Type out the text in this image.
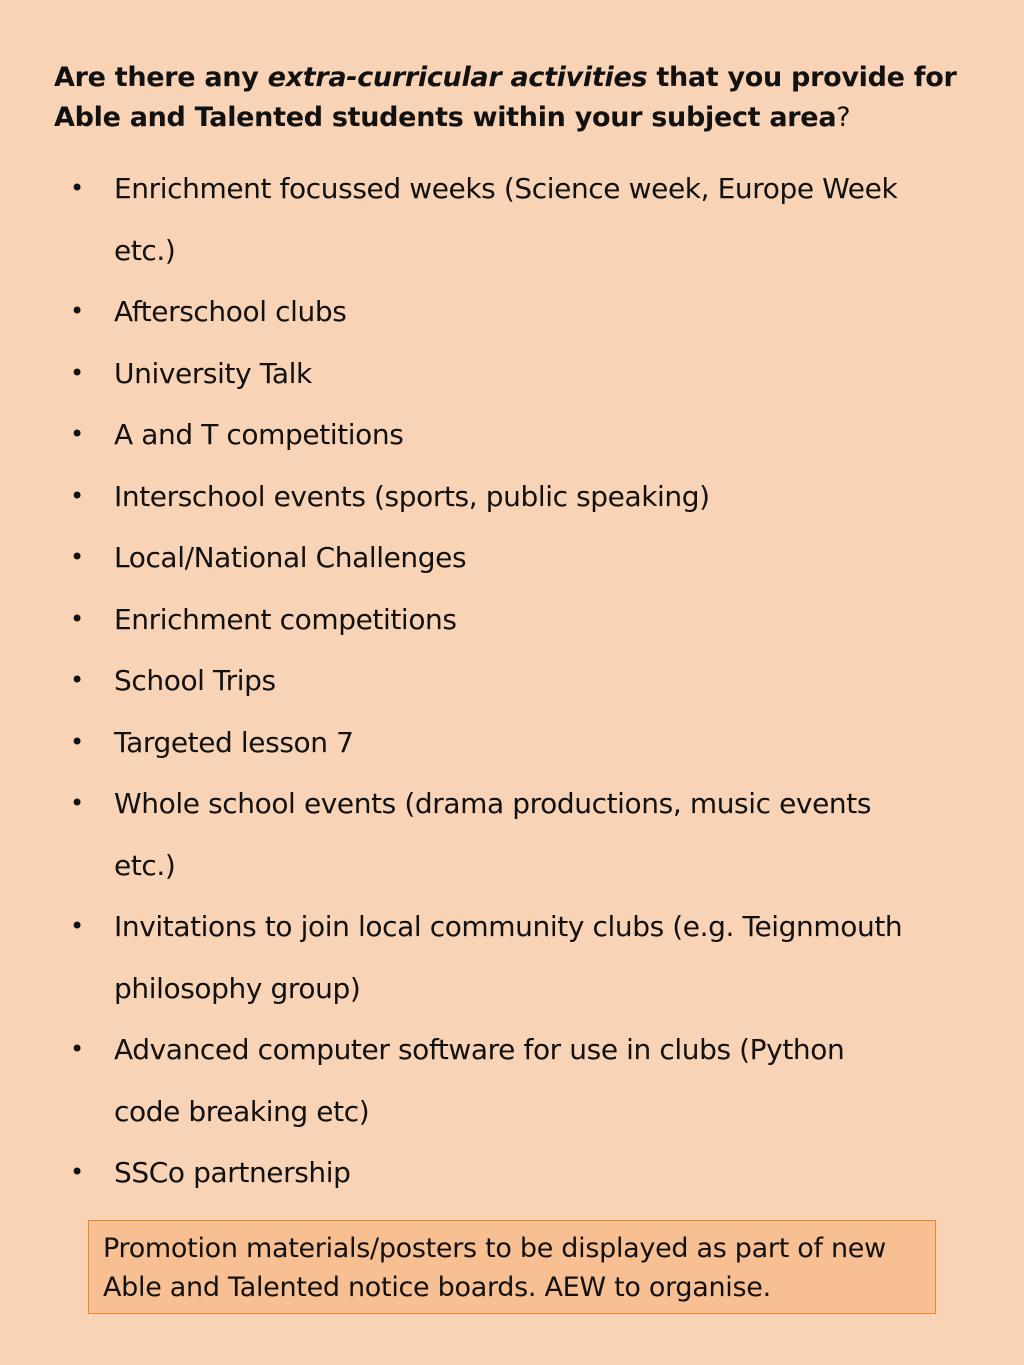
Are there any extra-curricular activities that you provide for Able and Talented students within your subject area?
• Enrichment focussed weeks (Science week, Europe Week etc.)
• Afterschool clubs
• University Talk
• A and T competitions
• Interschool events (sports, public speaking)
• Local/National Challenges
• Enrichment competitions
• School Trips
• Targeted lesson 7
• Whole school events (drama productions, music events etc.)
• Invitations to join local community clubs (e.g. Teignmouth philosophy group)
• Advanced computer software for use in clubs (Python code breaking etc)
• SSCo partnership
Promotion materials/posters to be displayed as part of new Able and Talented notice boards. AEW to organise.
